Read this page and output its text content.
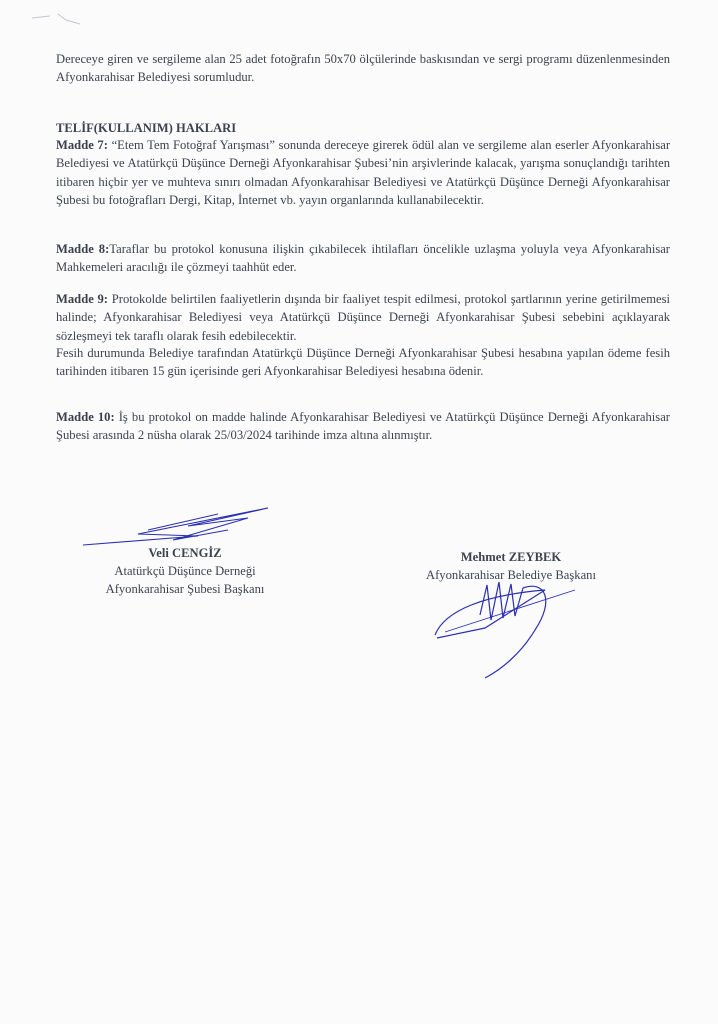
Dereceye giren ve sergileme alan 25 adet fotoğrafın 50x70 ölçülerinde baskısından ve sergi programı düzenlenmesinden Afyonkarahisar Belediyesi sorumludur.

TELİF(KULLANIM) HAKLARI

Madde 7: “Etem Tem Fotoğraf Yarışması” sonunda dereceye girerek ödül alan ve sergileme alan eserler Afyonkarahisar Belediyesi ve Atatürkçü Düşünce Derneği Afyonkarahisar Şubesi’nin arşivlerinde kalacak, yarışma sonuçlandığı tarihten itibaren hiçbir yer ve muhteva sınırı olmadan Afyonkarahisar Belediyesi ve Atatürkçü Düşünce Derneği Afyonkarahisar Şubesi bu fotoğrafları Dergi, Kitap, İnternet vb. yayın organlarında kullanabilecektir.

Madde 8:Taraflar bu protokol konusuna ilişkin çıkabilecek ihtilafları öncelikle uzlaşma yoluyla veya Afyonkarahisar Mahkemeleri aracılığı ile çözmeyi taahhüt eder.

Madde 9: Protokolde belirtilen faaliyetlerin dışında bir faaliyet tespit edilmesi, protokol şartlarının yerine getirilmemesi halinde; Afyonkarahisar Belediyesi veya Atatürkçü Düşünce Derneği Afyonkarahisar Şubesi sebebini açıklayarak sözleşmeyi tek taraflı olarak fesih edebilecektir.

Fesih durumunda Belediye tarafından Atatürkçü Düşünce Derneği Afyonkarahisar Şubesi hesabına yapılan ödeme fesih tarihinden itibaren 15 gün içerisinde geri Afyonkarahisar Belediyesi hesabına ödenir.

Madde 10: İş bu protokol on madde halinde Afyonkarahisar Belediyesi ve Atatürkçü Düşünce Derneği Afyonkarahisar Şubesi arasında 2 nüsha olarak 25/03/2024 tarihinde imza altına alınmıştır.

Veli CENGİZ
Atatürkçü Düşünce Derneği
Afyonkarahisar Şubesi Başkanı
Mehmet ZEYBEK
Afyonkarahisar Belediye Başkanı
